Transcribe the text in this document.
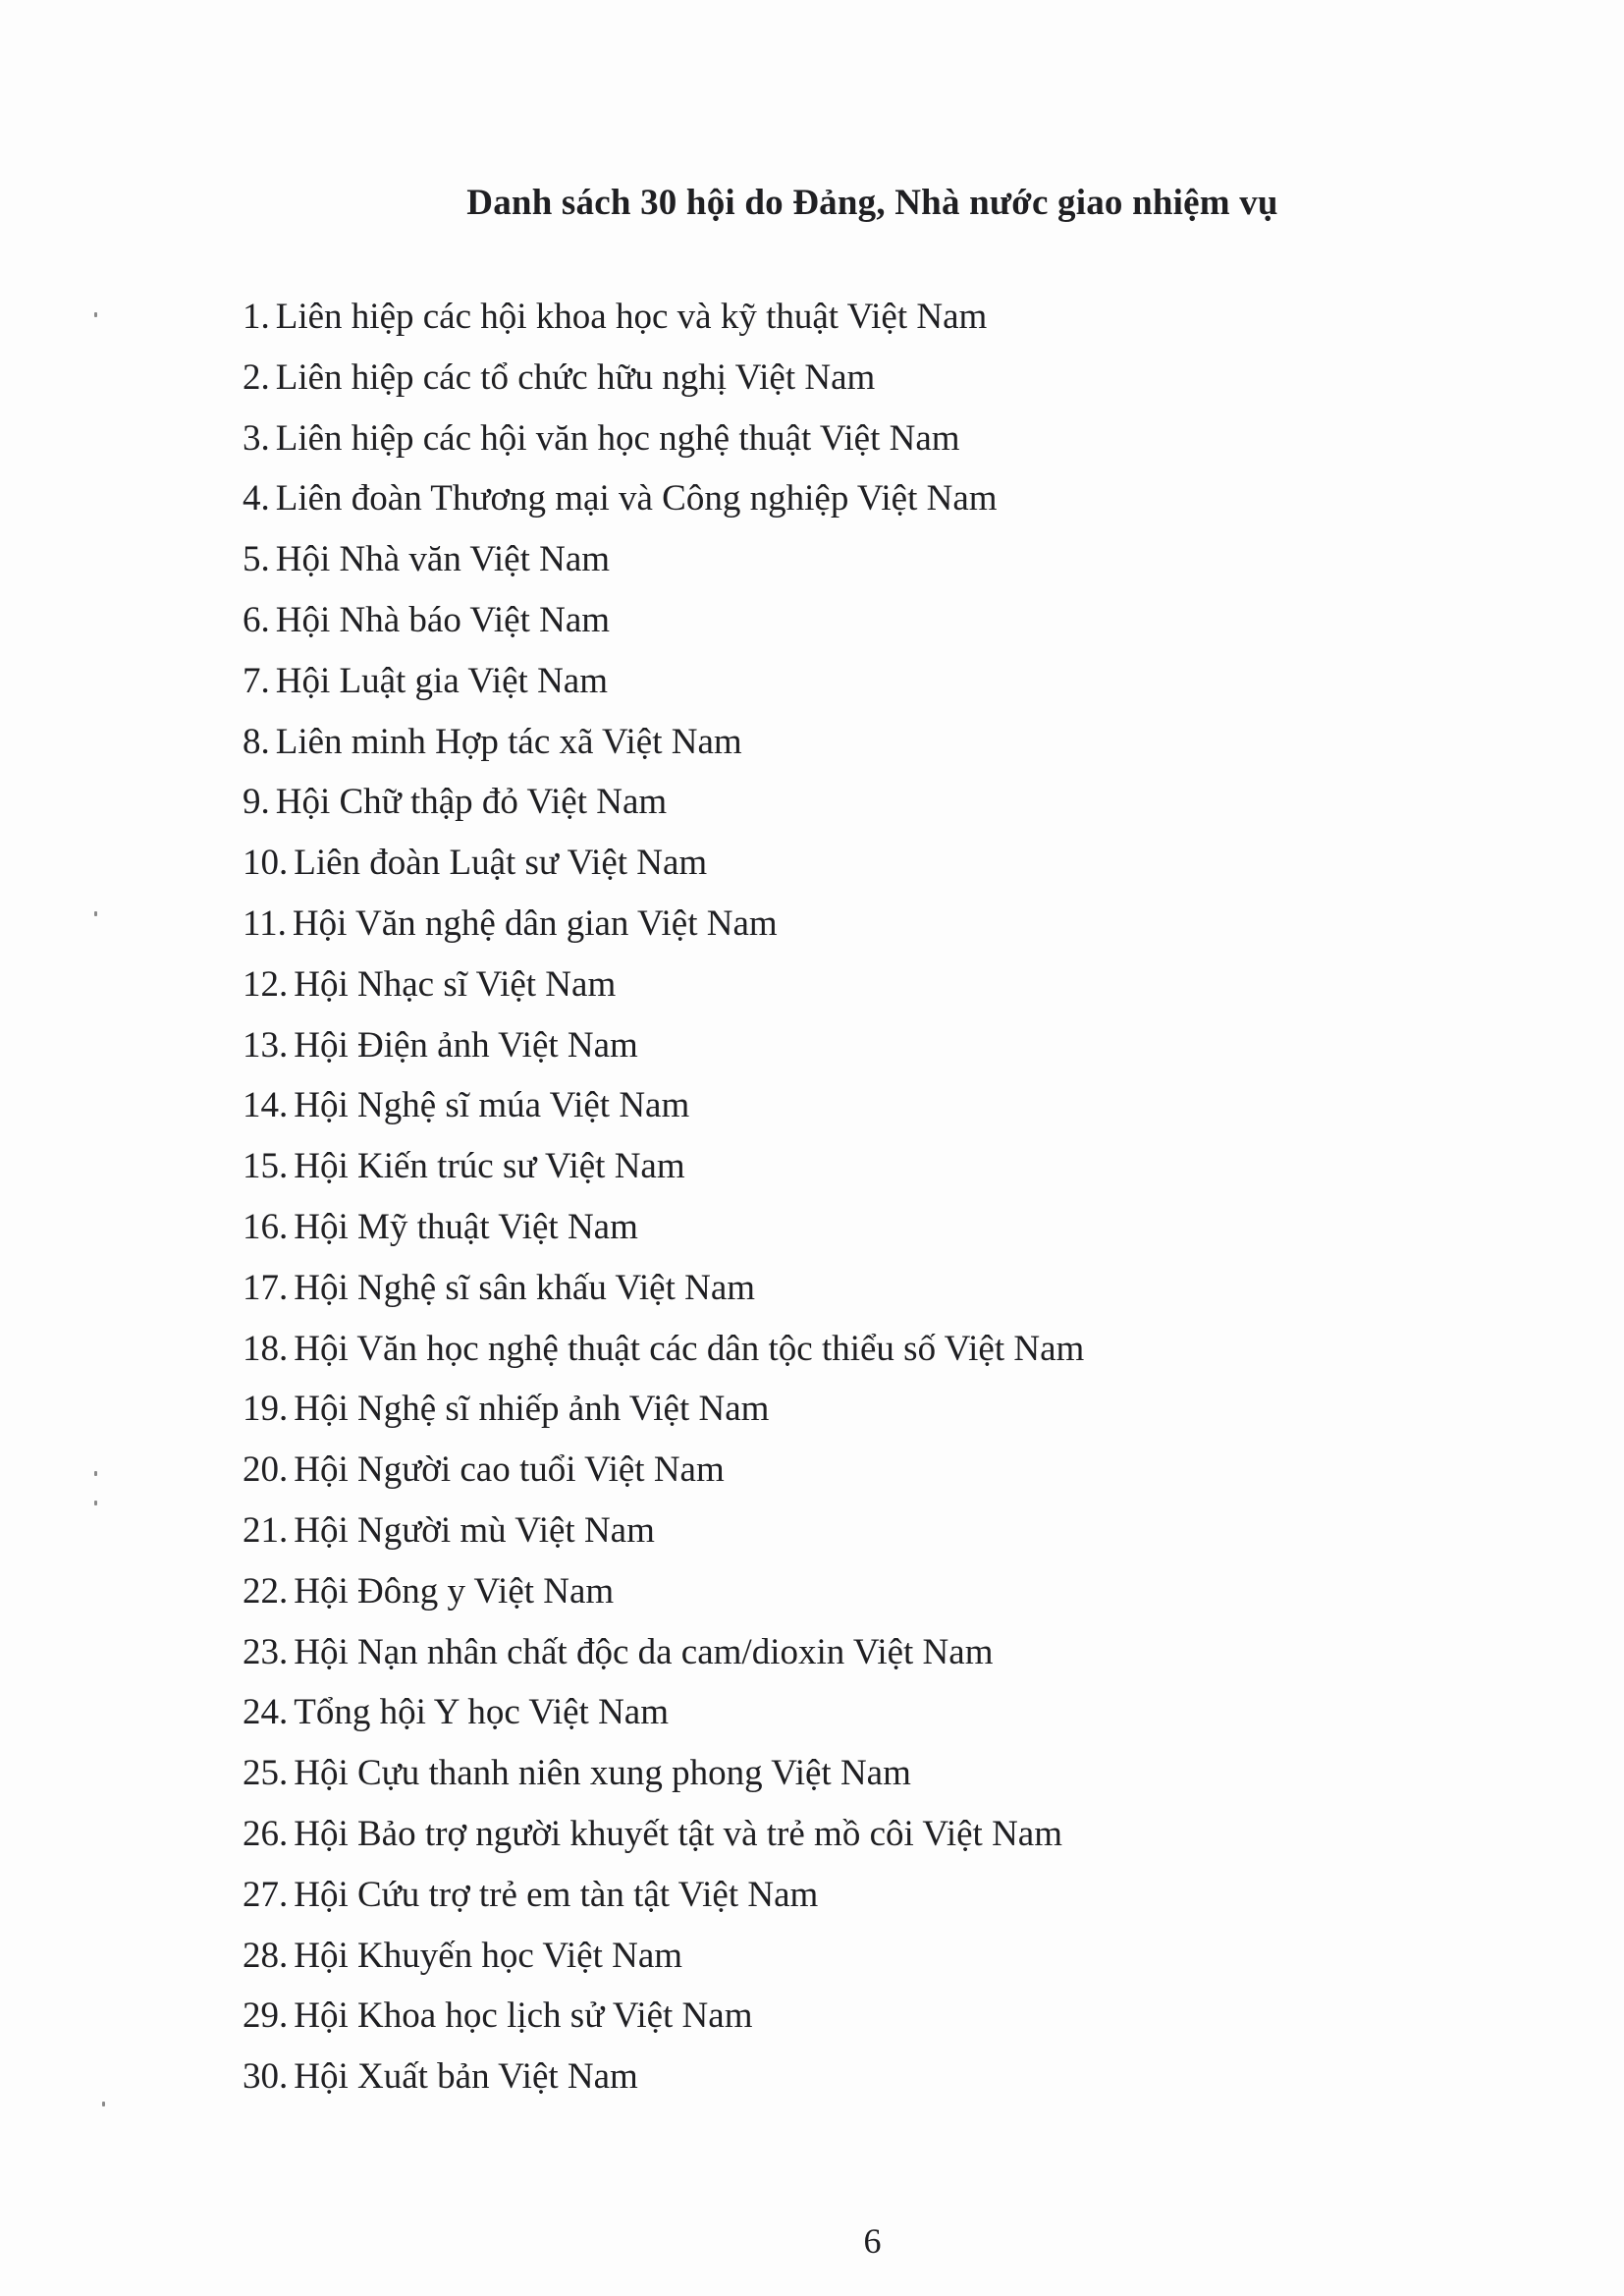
Danh sách 30 hội do Đảng, Nhà nước giao nhiệm vụ
1. Liên hiệp các hội khoa học và kỹ thuật Việt Nam
2. Liên hiệp các tổ chức hữu nghị Việt Nam
3. Liên hiệp các hội văn học nghệ thuật Việt Nam
4. Liên đoàn Thương mại và Công nghiệp Việt Nam
5. Hội Nhà văn Việt Nam
6. Hội Nhà báo Việt Nam
7. Hội Luật gia Việt Nam
8. Liên minh Hợp tác xã Việt Nam
9. Hội Chữ thập đỏ Việt Nam
10. Liên đoàn Luật sư Việt Nam
11. Hội Văn nghệ dân gian Việt Nam
12. Hội Nhạc sĩ Việt Nam
13. Hội Điện ảnh Việt Nam
14. Hội Nghệ sĩ múa Việt Nam
15. Hội Kiến trúc sư Việt Nam
16. Hội Mỹ thuật Việt Nam
17. Hội Nghệ sĩ sân khấu Việt Nam
18. Hội Văn học nghệ thuật các dân tộc thiểu số Việt Nam
19. Hội Nghệ sĩ nhiếp ảnh Việt Nam
20. Hội Người cao tuổi Việt Nam
21. Hội Người mù Việt Nam
22. Hội Đông y Việt Nam
23. Hội Nạn nhân chất độc da cam/dioxin Việt Nam
24. Tổng hội Y học Việt Nam
25. Hội Cựu thanh niên xung phong Việt Nam
26. Hội Bảo trợ người khuyết tật và trẻ mồ côi Việt Nam
27. Hội Cứu trợ trẻ em tàn tật Việt Nam
28. Hội Khuyến học Việt Nam
29. Hội Khoa học lịch sử Việt Nam
30. Hội Xuất bản Việt Nam
6
